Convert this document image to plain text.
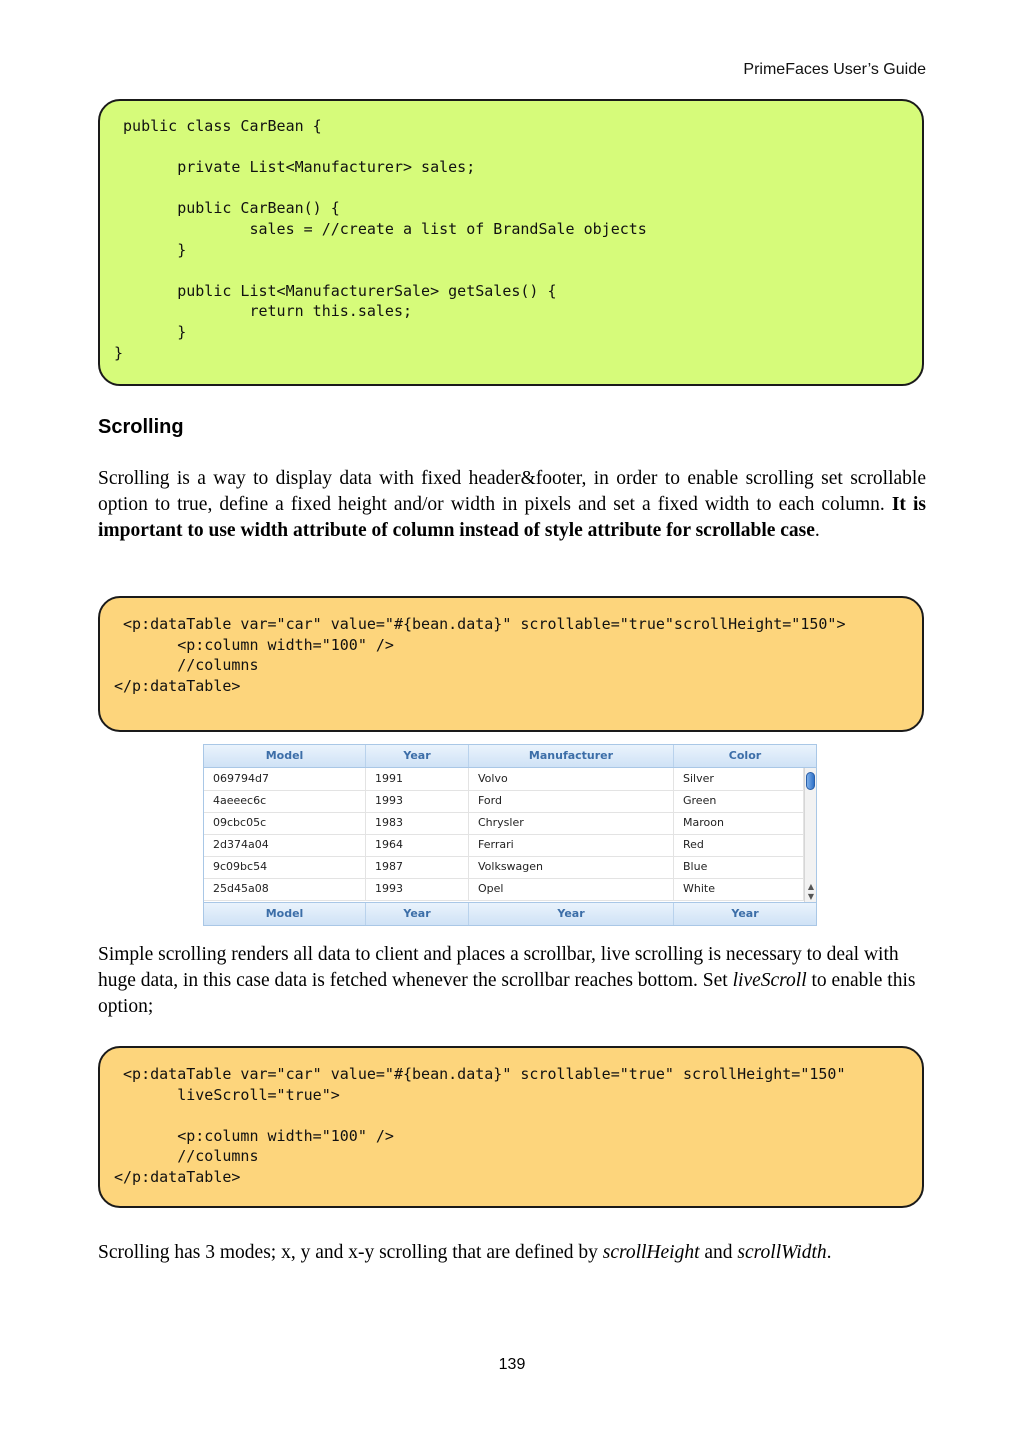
PrimeFaces User’s Guide
public class CarBean {
private List<Manufacturer> sales;
public CarBean() {
sales = //create a list of BrandSale objects
}
public List<ManufacturerSale> getSales() {
return this.sales;
}
}
Scrolling
Scrolling is a way to display data with fixed header&footer, in order to enable scrolling set scrollable option to true, define a fixed height and/or width in pixels and set a fixed width to each column. It is important to use width attribute of column instead of style attribute for scrollable case.
<p:dataTable var="car" value="#{bean.data}" scrollable="true"scrollHeight="150">
<p:column width="100" />
//columns
</p:dataTable>
Model	Year	Manufacturer	Color
069794d7	1991	Volvo	Silver
4aeeec6c	1993	Ford	Green
09cbc05c	1983	Chrysler	Maroon
2d374a04	1964	Ferrari	Red
9c09bc54	1987	Volkswagen	Blue
25d45a08	1993	Opel	White	▲
▼
Model	Year	Year	Year
Simple scrolling renders all data to client and places a scrollbar, live scrolling is necessary to deal with huge data, in this case data is fetched whenever the scrollbar reaches bottom. Set liveScroll to enable this option;
<p:dataTable var="car" value="#{bean.data}" scrollable="true" scrollHeight="150"
liveScroll="true">
<p:column width="100" />
//columns
</p:dataTable>
Scrolling has 3 modes; x, y and x-y scrolling that are defined by scrollHeight and scrollWidth.
139
